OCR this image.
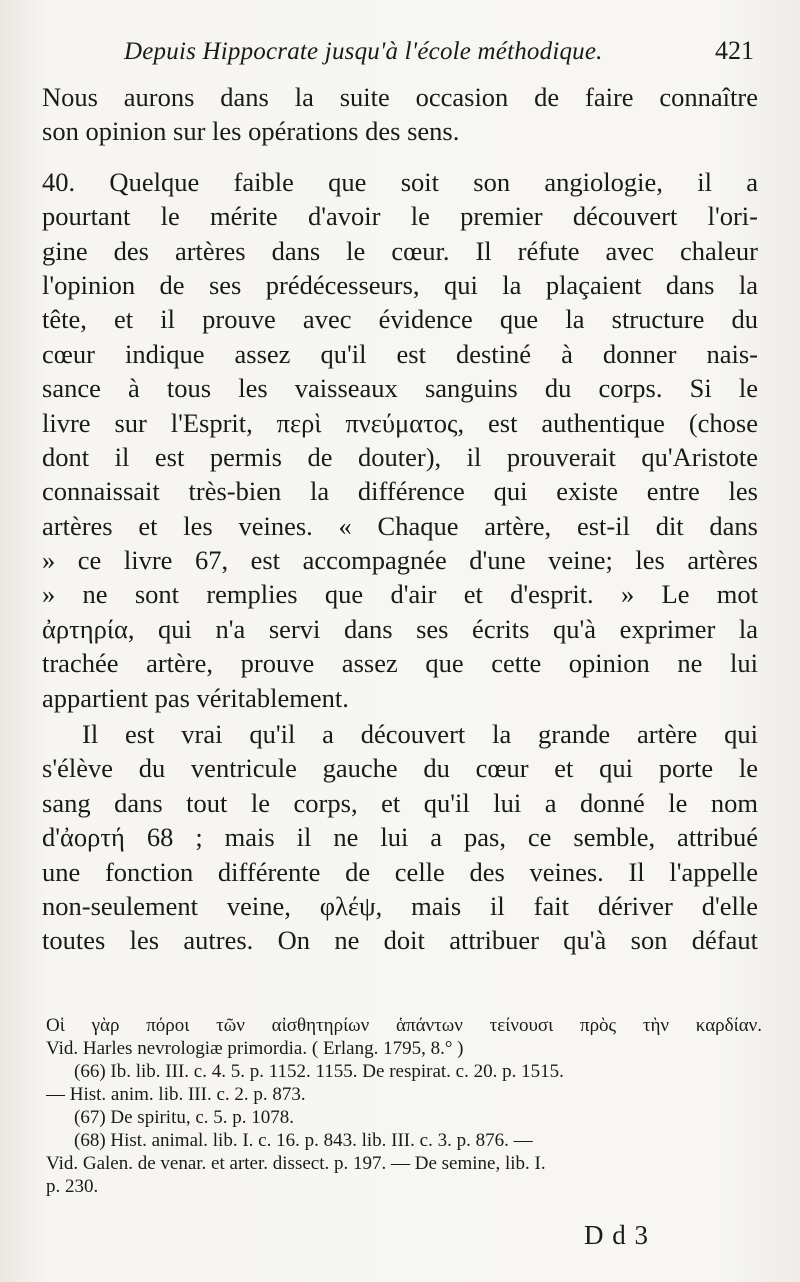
Depuis Hippocrate jusqu'à l'école méthodique.	421
Nous aurons dans la suite occasion de faire connaître
son opinion sur les opérations des sens.
40. Quelque faible que soit son angiologie, il a
pourtant le mérite d'avoir le premier découvert l'ori-
gine des artères dans le cœur. Il réfute avec chaleur
l'opinion de ses prédécesseurs, qui la plaçaient dans la
tête, et il prouve avec évidence que la structure du
cœur indique assez qu'il est destiné à donner nais-
sance à tous les vaisseaux sanguins du corps. Si le
livre sur l'Esprit, περὶ πνεύματος, est authentique (chose
dont il est permis de douter), il prouverait qu'Aristote
connaissait très-bien la différence qui existe entre les
artères et les veines. « Chaque artère, est-il dit dans
» ce livre 67, est accompagnée d'une veine; les artères
» ne sont remplies que d'air et d'esprit. » Le mot
ἀρτηρία, qui n'a servi dans ses écrits qu'à exprimer la
trachée artère, prouve assez que cette opinion ne lui
appartient pas véritablement.
Il est vrai qu'il a découvert la grande artère qui
s'élève du ventricule gauche du cœur et qui porte le
sang dans tout le corps, et qu'il lui a donné le nom
d'ἀορτή 68 ; mais il ne lui a pas, ce semble, attribué
une fonction différente de celle des veines. Il l'appelle
non-seulement veine, φλέψ, mais il fait dériver d'elle
toutes les autres. On ne doit attribuer qu'à son défaut
Οἱ γὰρ πόροι τῶν αἰσθητηρίων ἁπάντων τείνουσι πρὸς τὴν καρδίαν.
Vid. Harles nevrologiæ primordia. ( Erlang. 1795, 8.° )
(66) Ib. lib. III. c. 4. 5. p. 1152. 1155. De respirat. c. 20. p. 1515.
— Hist. anim. lib. III. c. 2. p. 873.
(67) De spiritu, c. 5. p. 1078.
(68) Hist. animal. lib. I. c. 16. p. 843. lib. III. c. 3. p. 876. —
Vid. Galen. de venar. et arter. dissect. p. 197. — De semine, lib. I.
p. 230.
D d 3
